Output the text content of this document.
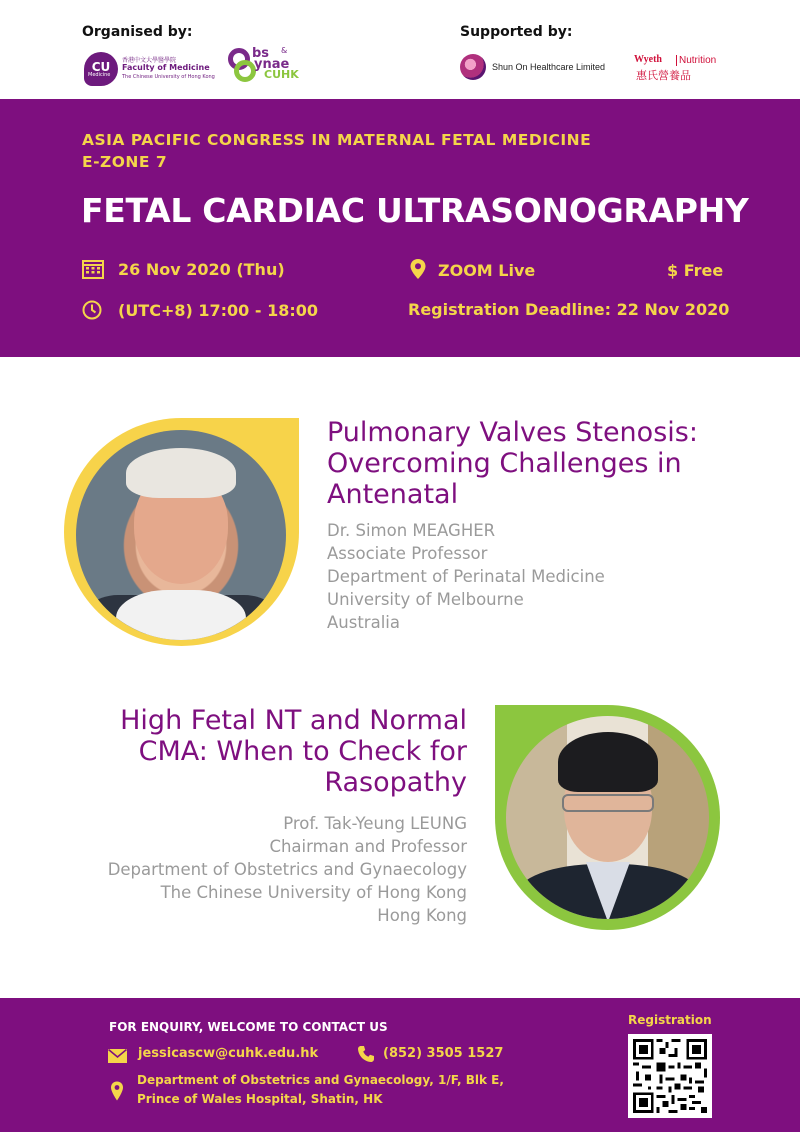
Organised by:	Supported by:
CU
Medicine
香港中文大學醫學院
Faculty of Medicine
The Chinese University of Hong Kong
bs &
ynae
CUHK
Shun On Healthcare Limited
Wyeth	Nutrition
惠氏營養品
ASIA PACIFIC CONGRESS IN MATERNAL FETAL MEDICINE
E-ZONE 7
FETAL CARDIAC ULTRASONOGRAPHY
26 Nov 2020 (Thu)
(UTC+8) 17:00 - 18:00
ZOOM Live	$ Free
Registration Deadline: 22 Nov 2020
Pulmonary Valves Stenosis: Overcoming Challenges in Antenatal
Dr. Simon MEAGHER
Associate Professor
Department of Perinatal Medicine
University of Melbourne
Australia
High Fetal NT and Normal CMA: When to Check for Rasopathy
Prof. Tak-Yeung LEUNG
Chairman and Professor
Department of Obstetrics and Gynaecology
The Chinese University of Hong Kong
Hong Kong
FOR ENQUIRY, WELCOME TO CONTACT US
jessicascw@cuhk.edu.hk	(852) 3505 1527
Department of Obstetrics and Gynaecology, 1/F, Blk E, Prince of Wales Hospital, Shatin, HK
Registration
